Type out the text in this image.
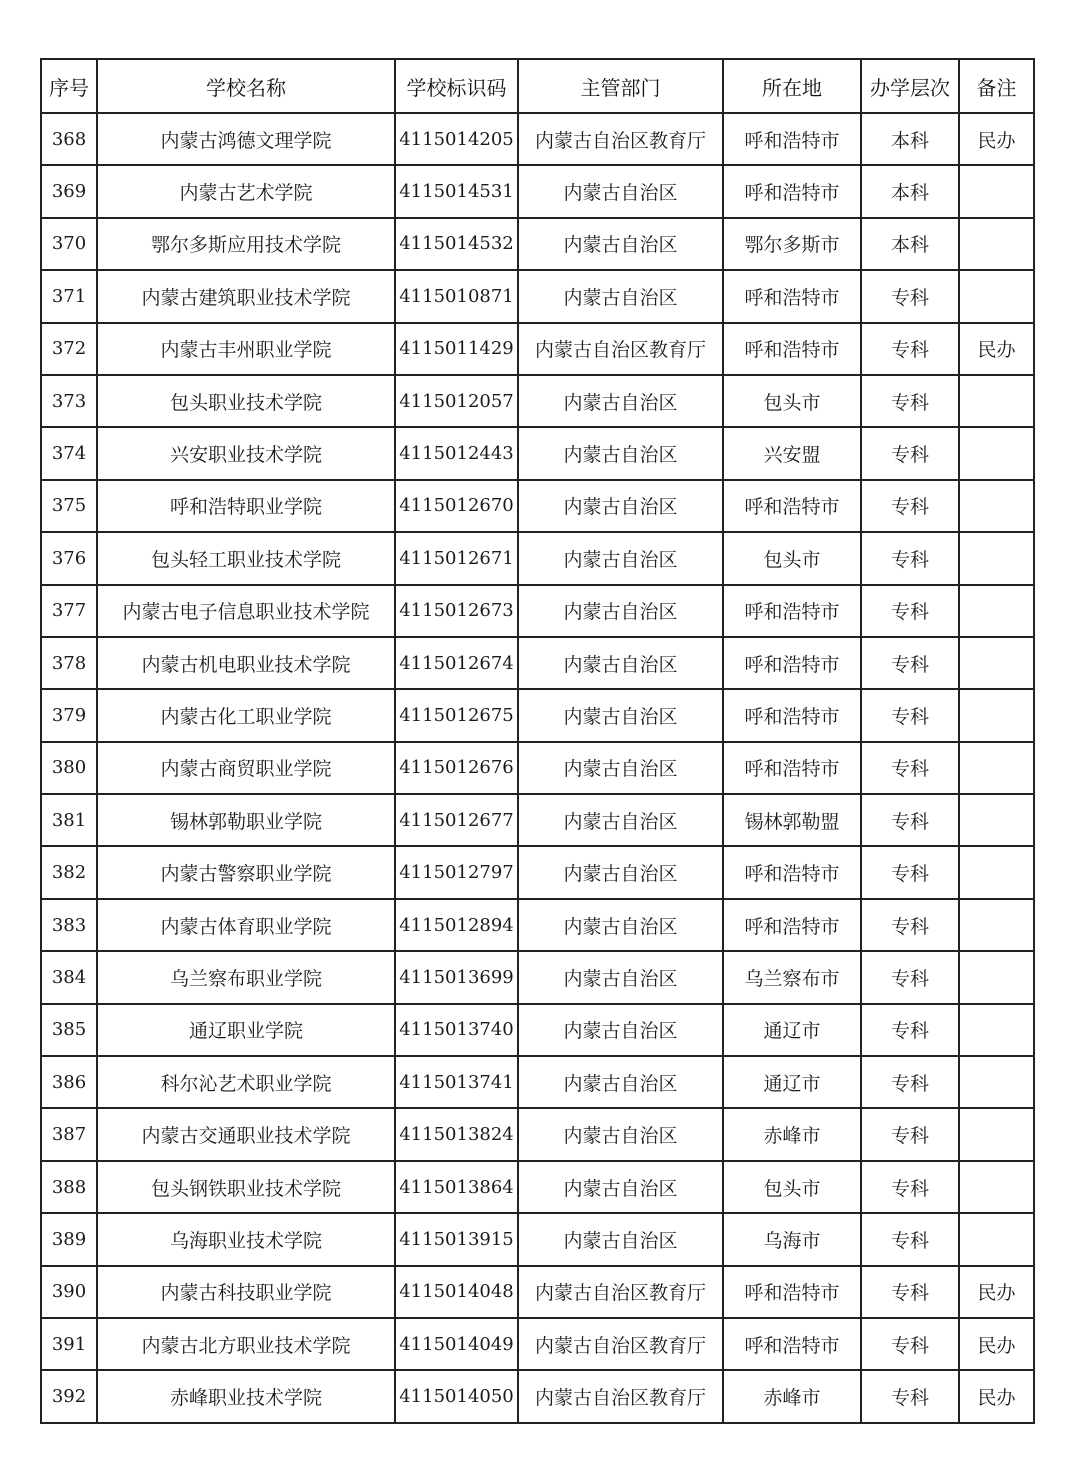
序号	学校名称	学校标识码	主管部门	所在地	办学层次	备注
368	内蒙古鸿德文理学院	4115014205	内蒙古自治区教育厅	呼和浩特市	本科	民办
369	内蒙古艺术学院	4115014531	内蒙古自治区	呼和浩特市	本科	
370	鄂尔多斯应用技术学院	4115014532	内蒙古自治区	鄂尔多斯市	本科	
371	内蒙古建筑职业技术学院	4115010871	内蒙古自治区	呼和浩特市	专科	
372	内蒙古丰州职业学院	4115011429	内蒙古自治区教育厅	呼和浩特市	专科	民办
373	包头职业技术学院	4115012057	内蒙古自治区	包头市	专科	
374	兴安职业技术学院	4115012443	内蒙古自治区	兴安盟	专科	
375	呼和浩特职业学院	4115012670	内蒙古自治区	呼和浩特市	专科	
376	包头轻工职业技术学院	4115012671	内蒙古自治区	包头市	专科	
377	内蒙古电子信息职业技术学院	4115012673	内蒙古自治区	呼和浩特市	专科	
378	内蒙古机电职业技术学院	4115012674	内蒙古自治区	呼和浩特市	专科	
379	内蒙古化工职业学院	4115012675	内蒙古自治区	呼和浩特市	专科	
380	内蒙古商贸职业学院	4115012676	内蒙古自治区	呼和浩特市	专科	
381	锡林郭勒职业学院	4115012677	内蒙古自治区	锡林郭勒盟	专科	
382	内蒙古警察职业学院	4115012797	内蒙古自治区	呼和浩特市	专科	
383	内蒙古体育职业学院	4115012894	内蒙古自治区	呼和浩特市	专科	
384	乌兰察布职业学院	4115013699	内蒙古自治区	乌兰察布市	专科	
385	通辽职业学院	4115013740	内蒙古自治区	通辽市	专科	
386	科尔沁艺术职业学院	4115013741	内蒙古自治区	通辽市	专科	
387	内蒙古交通职业技术学院	4115013824	内蒙古自治区	赤峰市	专科	
388	包头钢铁职业技术学院	4115013864	内蒙古自治区	包头市	专科	
389	乌海职业技术学院	4115013915	内蒙古自治区	乌海市	专科	
390	内蒙古科技职业学院	4115014048	内蒙古自治区教育厅	呼和浩特市	专科	民办
391	内蒙古北方职业技术学院	4115014049	内蒙古自治区教育厅	呼和浩特市	专科	民办
392	赤峰职业技术学院	4115014050	内蒙古自治区教育厅	赤峰市	专科	民办
